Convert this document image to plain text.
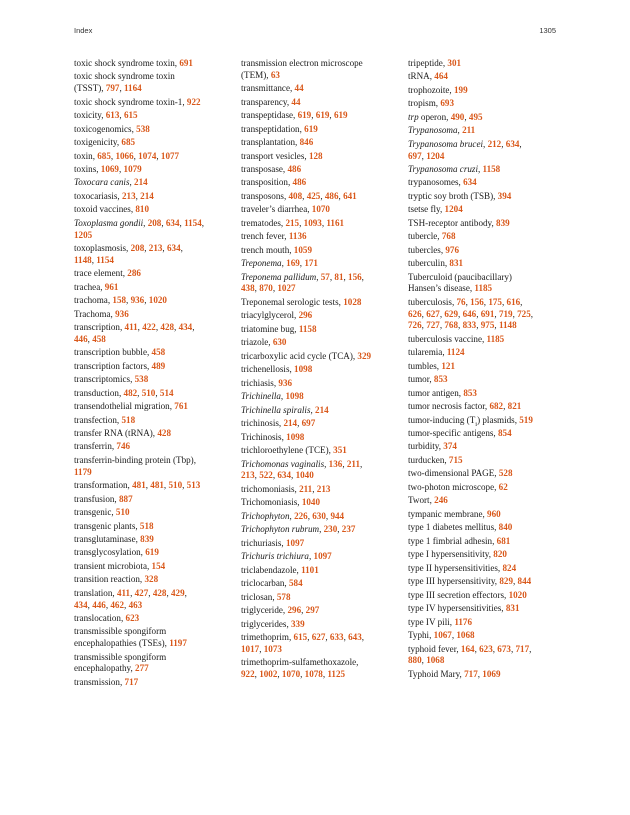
Index	1305
toxic shock syndrome toxin, 691
toxic shock syndrome toxin
(TSST), 797, 1164
toxic shock syndrome toxin-1, 922
toxicity, 613, 615
toxicogenomics, 538
toxigenicity, 685
toxin, 685, 1066, 1074, 1077
toxins, 1069, 1079
Toxocara canis, 214
toxocariasis, 213, 214
toxoid vaccines, 810
Toxoplasma gondii, 208, 634, 1154,
1205
toxoplasmosis, 208, 213, 634,
1148, 1154
trace element, 286
trachea, 961
trachoma, 158, 936, 1020
Trachoma, 936
transcription, 411, 422, 428, 434,
446, 458
transcription bubble, 458
transcription factors, 489
transcriptomics, 538
transduction, 482, 510, 514
transendothelial migration, 761
transfection, 518
transfer RNA (tRNA), 428
transferrin, 746
transferrin-binding protein (Tbp),
1179
transformation, 481, 481, 510, 513
transfusion, 887
transgenic, 510
transgenic plants, 518
transglutaminase, 839
transglycosylation, 619
transient microbiota, 154
transition reaction, 328
translation, 411, 427, 428, 429,
434, 446, 462, 463
translocation, 623
transmissible spongiform
encephalopathies (TSEs), 1197
transmissible spongiform
encephalopathy, 277
transmission, 717
transmission electron microscope
(TEM), 63
transmittance, 44
transparency, 44
transpeptidase, 619, 619, 619
transpeptidation, 619
transplantation, 846
transport vesicles, 128
transposase, 486
transposition, 486
transposons, 408, 425, 486, 641
traveler’s diarrhea, 1070
trematodes, 215, 1093, 1161
trench fever, 1136
trench mouth, 1059
Treponema, 169, 171
Treponema pallidum, 57, 81, 156,
438, 870, 1027
Treponemal serologic tests, 1028
triacylglycerol, 296
triatomine bug, 1158
triazole, 630
tricarboxylic acid cycle (TCA), 329
trichenellosis, 1098
trichiasis, 936
Trichinella, 1098
Trichinella spiralis, 214
trichinosis, 214, 697
Trichinosis, 1098
trichloroethylene (TCE), 351
Trichomonas vaginalis, 136, 211,
213, 522, 634, 1040
trichomoniasis, 211, 213
Trichomoniasis, 1040
Trichophyton, 226, 630, 944
Trichophyton rubrum, 230, 237
trichuriasis, 1097
Trichuris trichiura, 1097
triclabendazole, 1101
triclocarban, 584
triclosan, 578
triglyceride, 296, 297
triglycerides, 339
trimethoprim, 615, 627, 633, 643,
1017, 1073
trimethoprim-sulfamethoxazole,
922, 1002, 1070, 1078, 1125
tripeptide, 301
tRNA, 464
trophozoite, 199
tropism, 693
trp operon, 490, 495
Trypanosoma, 211
Trypanosoma brucei, 212, 634,
697, 1204
Trypanosoma cruzi, 1158
trypanosomes, 634
tryptic soy broth (TSB), 394
tsetse fly, 1204
TSH-receptor antibody, 839
tubercle, 768
tubercles, 976
tuberculin, 831
Tuberculoid (paucibacillary)
Hansen’s disease, 1185
tuberculosis, 76, 156, 175, 616,
626, 627, 629, 646, 691, 719, 725,
726, 727, 768, 833, 975, 1148
tuberculosis vaccine, 1185
tularemia, 1124
tumbles, 121
tumor, 853
tumor antigen, 853
tumor necrosis factor, 682, 821
tumor-inducing $(T_i)$ plasmids, 519
tumor-specific antigens, 854
turbidity, 374
turducken, 715
two-dimensional PAGE, 528
two-photon microscope, 62
Twort, 246
tympanic membrane, 960
type 1 diabetes mellitus, 840
type 1 fimbrial adhesin, 681
type I hypersensitivity, 820
type II hypersensitivities, 824
type III hypersensitivity, 829, 844
type III secretion effectors, 1020
type IV hypersensitivities, 831
type IV pili, 1176
Typhi, 1067, 1068
typhoid fever, 164, 623, 673, 717,
880, 1068
Typhoid Mary, 717, 1069
